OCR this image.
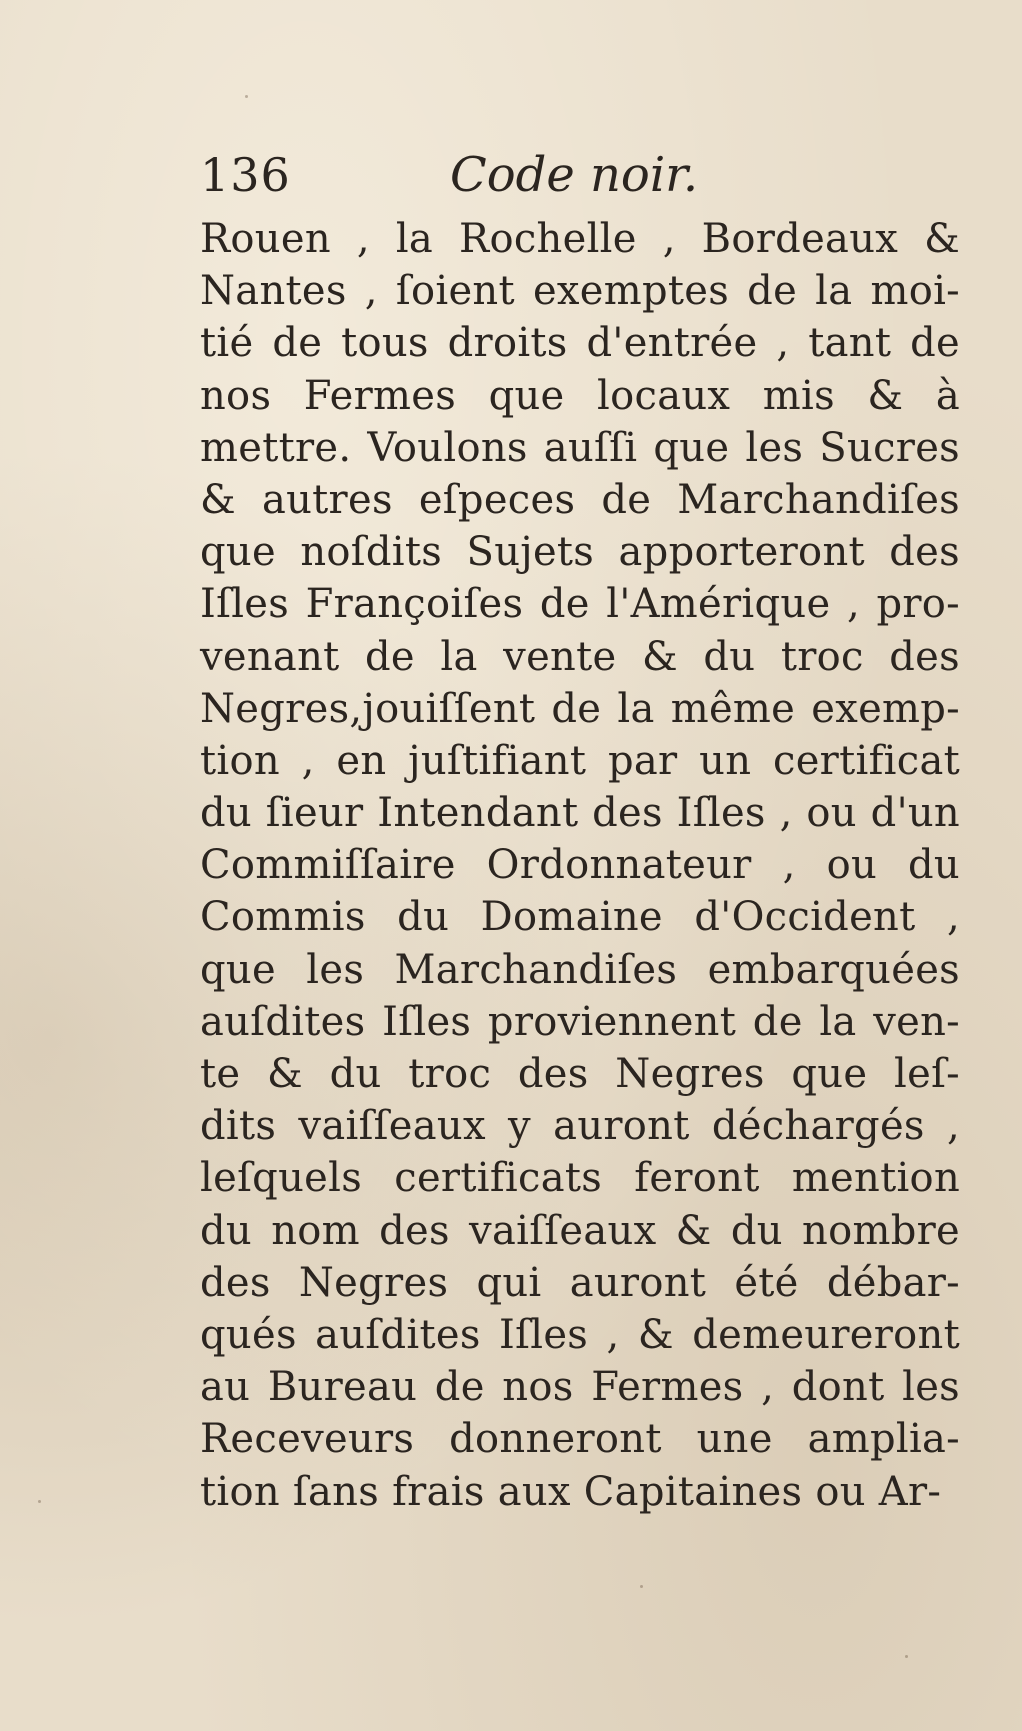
136	Code noir.
Rouen , la Rochelle , Bordeaux &
Nantes , ſoient exemptes de la moi-
tié de tous droits d'entrée , tant de
nos Fermes que locaux mis & à
mettre. Voulons auſſi que les Sucres
& autres eſpeces de Marchandiſes
que noſdits Sujets apporteront des
Iſles Françoiſes de l'Amérique , pro-
venant de la vente & du troc des
Negres,jouiſſent de la même exemp-
tion , en juſtifiant par un certificat
du ſieur Intendant des Iſles , ou d'un
Commiſſaire Ordonnateur , ou du
Commis du Domaine d'Occident ,
que les Marchandiſes embarquées
auſdites Iſles proviennent de la ven-
te & du troc des Negres que leſ-
dits vaiſſeaux y auront déchargés ,
leſquels certificats feront mention
du nom des vaiſſeaux & du nombre
des Negres qui auront été débar-
qués auſdites Iſles , & demeureront
au Bureau de nos Fermes , dont les
Receveurs donneront une amplia-
tion ſans frais aux Capitaines ou Ar-
